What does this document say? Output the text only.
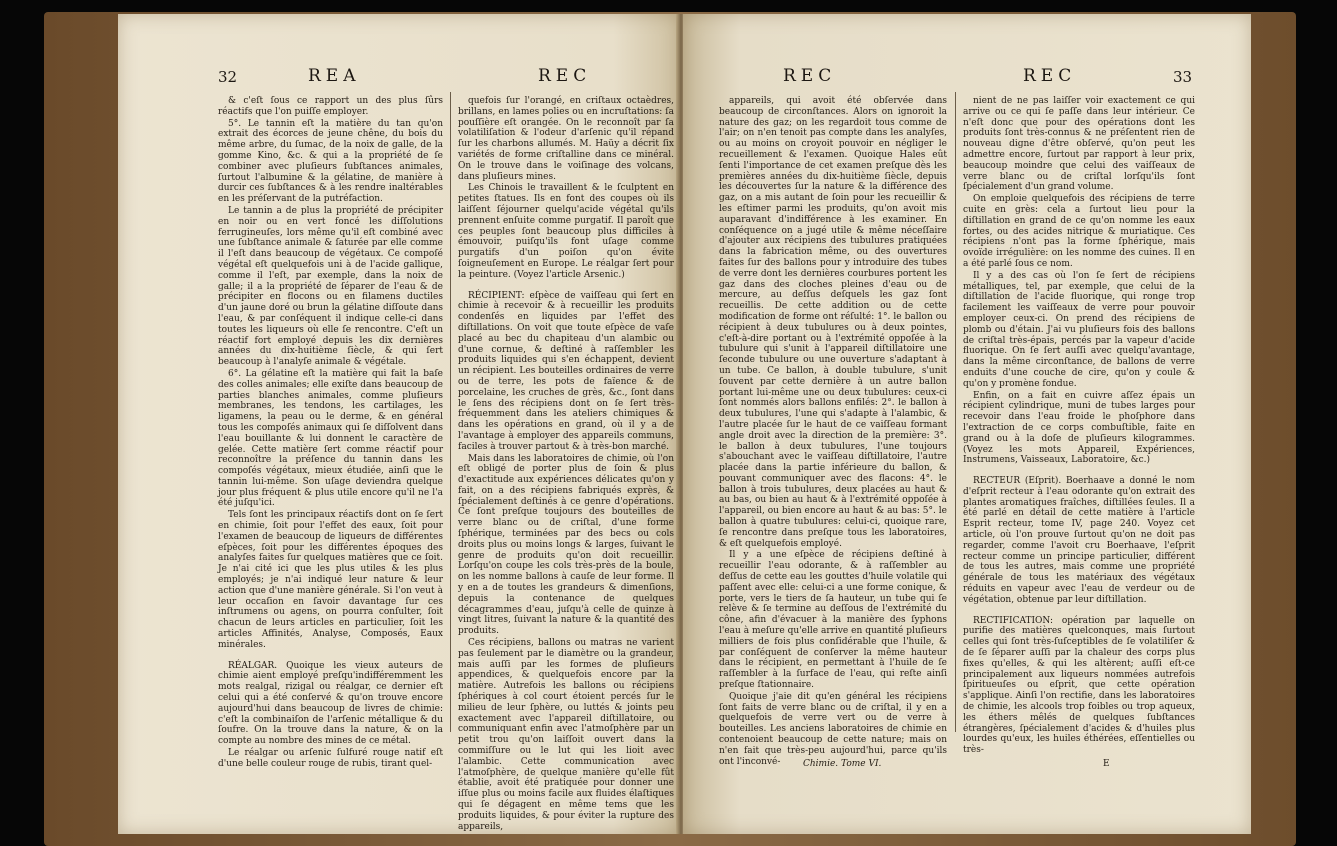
32	REA	REC

& c'eſt ſous ce rapport un des plus ſûrs réactifs que l'on puiſſe employer.

5°. Le tannin eſt la matière du tan qu'on extrait des écorces de jeune chêne, du bois du même arbre, du ſumac, de la noix de galle, de la gomme Kino, &c. & qui a la propriété de ſe combiner avec pluſieurs ſubſtances animales, ſurtout l'albumine & la gélatine, de manière à durcir ces ſubſtances & à les rendre inaltérables en les préſervant de la putréfaction.

Le tannin a de plus la propriété de précipiter en noir ou en vert foncé les diſſolutions ferrugineuſes, lors même qu'il eſt combiné avec une ſubſtance animale & ſaturée par elle comme il l'eſt dans beaucoup de végétaux. Ce compoſé végétal eſt quelquefois uni à de l'acide gallique, comme il l'eſt, par exemple, dans la noix de galle; il a la propriété de ſéparer de l'eau & de précipiter en flocons ou en filamens ductiles d'un jaune doré ou brun la gélatine diſſoute dans l'eau, & par conſéquent il indique celle-ci dans toutes les liqueurs où elle ſe rencontre. C'eſt un réactif fort employé depuis les dix dernières années du dix-huitième ſiècle, & qui ſert beaucoup à l'analyſe animale & végétale.

6°. La gélatine eſt la matière qui fait la baſe des colles animales; elle exiſte dans beaucoup de parties blanches animales, comme pluſieurs membranes, les tendons, les cartilages, les ligamens, la peau ou le derme, & en général tous les compoſés animaux qui ſe diſſolvent dans l'eau bouillante & lui donnent le caractère de gelée. Cette matière ſert comme réactif pour reconnoître la préſence du tannin dans les compoſés végétaux, mieux étudiée, ainſi que le tannin lui-même. Son uſage deviendra quelque jour plus fréquent & plus utile encore qu'il ne l'a été juſqu'ici.

Tels ſont les principaux réactifs dont on ſe ſert en chimie, ſoit pour l'effet des eaux, ſoit pour l'examen de beaucoup de liqueurs de différentes eſpèces, ſoit pour les différentes époques des analyſes faites ſur quelques matières que ce ſoit. Je n'ai cité ici que les plus utiles & les plus employés; je n'ai indiqué leur nature & leur action que d'une manière générale. Si l'on veut à leur occaſion en ſavoir davantage ſur ces inſtrumens ou agens, on pourra conſulter, ſoit chacun de leurs articles en particulier, ſoit les articles Affinités, Analyse, Composés, Eaux minérales.

RÉALGAR. Quoique les vieux auteurs de chimie aient employé preſqu'indifféremment les mots realgal, rizigal ou réalgar, ce dernier eſt celui qui a été conſervé & qu'on trouve encore aujourd'hui dans beaucoup de livres de chimie: c'eſt la combinaiſon de l'arſenic métallique & du ſoufre. On la trouve dans la nature, & on la compte au nombre des mines de ce métal.

Le réalgar ou arſenic ſulfuré rouge natif eſt d'une belle couleur rouge de rubis, tirant quel-

quefois ſur l'orangé, en criſtaux octaèdres, brillans, en lames polies ou en incruſtations: ſa pouſſière eſt orangée. On le reconnoît par ſa volatiliſation & l'odeur d'arſenic qu'il répand ſur les charbons allumés. M. Haüy a décrit ſix variétés de forme criſtalline dans ce minéral. On le trouve dans le voiſinage des volcans, dans pluſieurs mines.

Les Chinois le travaillent & le ſculptent en petites ſtatues. Ils en font des coupes où ils laiſſent ſéjourner quelqu'acide végétal qu'ils prennent enſuite comme purgatif. Il paroît que ces peuples ſont beaucoup plus difficiles à émouvoir, puiſqu'ils font uſage comme purgatifs d'un poiſon qu'on évite ſoigneuſement en Europe. Le réalgar ſert pour la peinture. (Voyez l'article Arsenic.)

RÉCIPIENT: eſpèce de vaiſſeau qui ſert en chimie à recevoir & à recueillir les produits condenſés en liquides par l'effet des diſtillations. On voit que toute eſpèce de vaſe placé au bec du chapiteau d'un alambic ou d'une cornue, & deſtiné à raſſembler les produits liquides qui s'en échappent, devient un récipient. Les bouteilles ordinaires de verre ou de terre, les pots de faïence & de porcelaine, les cruches de grès, &c., ſont dans le ſens des récipiens dont on ſe ſert très-fréquemment dans les ateliers chimiques & dans les opérations en grand, où il y a de l'avantage à employer des appareils communs, faciles à trouver partout & à très-bon marché.

Mais dans les laboratoires de chimie, où l'on eſt obligé de porter plus de ſoin & plus d'exactitude aux expériences délicates qu'on y fait, on a des récipiens fabriqués exprès, & ſpécialement deſtinés à ce genre d'opérations. Ce ſont preſque toujours des bouteilles de verre blanc ou de criſtal, d'une forme ſphérique, terminées par des becs ou cols droits plus ou moins longs & larges, ſuivant le genre de produits qu'on doit recueillir. Lorſqu'on coupe les cols très-près de la boule, on les nomme ballons à cauſe de leur forme. Il y en a de toutes les grandeurs & dimenſions, depuis la contenance de quelques décagrammes d'eau, juſqu'à celle de quinze à vingt litres, ſuivant la nature & la quantité des produits.

Ces récipiens, ballons ou matras ne varient pas ſeulement par le diamètre ou la grandeur, mais auſſi par les formes de pluſieurs appendices, & quelquefois encore par la matière. Autrefois les ballons ou récipiens ſphériques à col court étoient percés ſur le milieu de leur ſphère, ou luttés & joints peu exactement avec l'appareil diſtillatoire, ou communiquant enfin avec l'atmoſphère par un petit trou qu'on laiſſoit ouvert dans la commiſſure ou le lut qui les lioit avec l'alambic. Cette communication avec l'atmoſphère, de quelque manière qu'elle fût établie, avoit été pratiquée pour donner une iſſue plus ou moins facile aux fluides élaſtiques qui ſe dégagent en même tems que les produits liquides, & pour éviter la rupture des appareils,

REC	REC	33

appareils, qui avoit été obſervée dans beaucoup de circonſtances. Alors on ignoroit la nature des gaz; on les regardoit tous comme de l'air; on n'en tenoit pas compte dans les analyſes, ou au moins on croyoit pouvoir en négliger le recueillement & l'examen. Quoique Hales eût ſenti l'importance de cet examen preſque dès les premières années du dix-huitième ſiècle, depuis les découvertes ſur la nature & la différence des gaz, on a mis autant de ſoin pour les recueillir & les eſtimer parmi les produits, qu'on avoit mis auparavant d'indifférence à les examiner. En conſéquence on a jugé utile & même néceſſaire d'ajouter aux récipiens des tubulures pratiquées dans la fabrication même, ou des ouvertures faites ſur des ballons pour y introduire des tubes de verre dont les dernières courbures portent les gaz dans des cloches pleines d'eau ou de mercure, au deſſus deſquels les gaz ſont recueillis. De cette addition ou de cette modification de forme ont réſulté: 1°. le ballon ou récipient à deux tubulures ou à deux pointes, c'eſt-à-dire portant ou à l'extrémité oppoſée à la tubulure qui s'unit à l'appareil diſtillatoire une ſeconde tubulure ou une ouverture s'adaptant à un tube. Ce ballon, à double tubulure, s'unit ſouvent par cette dernière à un autre ballon portant lui-même une ou deux tubulures: ceux-ci ſont nommés alors ballons enfilés: 2°. le ballon à deux tubulures, l'une qui s'adapte à l'alambic, & l'autre placée ſur le haut de ce vaiſſeau formant angle droit avec la direction de la première: 3°. le ballon à deux tubulures, l'une toujours s'abouchant avec le vaiſſeau diſtillatoire, l'autre placée dans la partie inférieure du ballon, & pouvant communiquer avec des flacons: 4°. le ballon à trois tubulures, deux placées au haut & au bas, ou bien au haut & à l'extrémité oppoſée à l'appareil, ou bien encore au haut & au bas: 5°. le ballon à quatre tubulures: celui-ci, quoique rare, ſe rencontre dans preſque tous les laboratoires, & eſt quelquefois employé.

Il y a une eſpèce de récipiens deſtiné à recueillir l'eau odorante, & à raſſembler au deſſus de cette eau les gouttes d'huile volatile qui paſſent avec elle: celui-ci a une forme conique, & porte, vers le tiers de ſa hauteur, un tube qui ſe relève & ſe termine au deſſous de l'extrémité du cône, afin d'évacuer à la manière des ſyphons l'eau à meſure qu'elle arrive en quantité pluſieurs milliers de fois plus conſidérable que l'huile, & par conſéquent de conſerver la même hauteur dans le récipient, en permettant à l'huile de ſe raſſembler à la ſurface de l'eau, qui reſte ainſi preſque ſtationnaire.

Quoique j'aie dit qu'en général les récipiens ſont faits de verre blanc ou de criſtal, il y en a quelquefois de verre vert ou de verre à bouteilles. Les anciens laboratoires de chimie en contenoient beaucoup de cette nature; mais on n'en fait que très-peu aujourd'hui, parce qu'ils ont l'inconvé-

nient de ne pas laiſſer voir exactement ce qui arrive ou ce qui ſe paſſe dans leur intérieur. Ce n'eſt donc que pour des opérations dont les produits ſont très-connus & ne préſentent rien de nouveau digne d'être obſervé, qu'on peut les admettre encore, ſurtout par rapport à leur prix, beaucoup moindre que celui des vaiſſeaux de verre blanc ou de criſtal lorſqu'ils ſont ſpécialement d'un grand volume.

On emploie quelquefois des récipiens de terre cuite en grès: cela a ſurtout lieu pour la diſtillation en grand de ce qu'on nomme les eaux fortes, ou des acides nitrique & muriatique. Ces récipiens n'ont pas la forme ſphérique, mais ovoïde irrégulière: on les nomme des cuines. Il en a été parlé ſous ce nom.

Il y a des cas où l'on ſe ſert de récipiens métalliques, tel, par exemple, que celui de la diſtillation de l'acide fluorique, qui ronge trop facilement les vaiſſeaux de verre pour pouvoir employer ceux-ci. On prend des récipiens de plomb ou d'étain. J'ai vu pluſieurs fois des ballons de criſtal très-épais, percés par la vapeur d'acide fluorique. On ſe ſert auſſi avec quelqu'avantage, dans la même circonſtance, de ballons de verre enduits d'une couche de cire, qu'on y coule & qu'on y promène fondue.

Enfin, on a fait en cuivre aſſez épais un récipient cylindrique, muni de tubes larges pour recevoir dans l'eau froide le phoſphore dans l'extraction de ce corps combuſtible, faite en grand ou à la doſe de pluſieurs kilogrammes. (Voyez les mots Appareil, Expériences, Instrumens, Vaisseaux, Laboratoire, &c.)

RECTEUR (Eſprit). Boerhaave a donné le nom d'eſprit recteur à l'eau odorante qu'on extrait des plantes aromatiques fraîches, diſtillées ſeules. Il a été parlé en détail de cette matière à l'article Esprit recteur, tome IV, page 240. Voyez cet article, où l'on prouve ſurtout qu'on ne doit pas regarder, comme l'avoit cru Boerhaave, l'eſprit recteur comme un principe particulier, différent de tous les autres, mais comme une propriété générale de tous les matériaux des végétaux réduits en vapeur avec l'eau de verdeur ou de végétation, obtenue par leur diſtillation.

RECTIFICATION: opération par laquelle on purifie des matières quelconques, mais ſurtout celles qui ſont très-ſuſceptibles de ſe volatiliſer & de ſe ſéparer auſſi par la chaleur des corps plus fixes qu'elles, & qui les altèrent; auſſi eſt-ce principalement aux liqueurs nommées autrefois ſpiritueuſes ou eſprit, que cette opération s'applique. Ainſi l'on rectifie, dans les laboratoires de chimie, les alcools trop foibles ou trop aqueux, les éthers mêlés de quelques ſubſtances étrangères, ſpécialement d'acides & d'huiles plus lourdes qu'eux, les huiles éthérées, eſſentielles ou très-

Chimie. Tome VI.	E
